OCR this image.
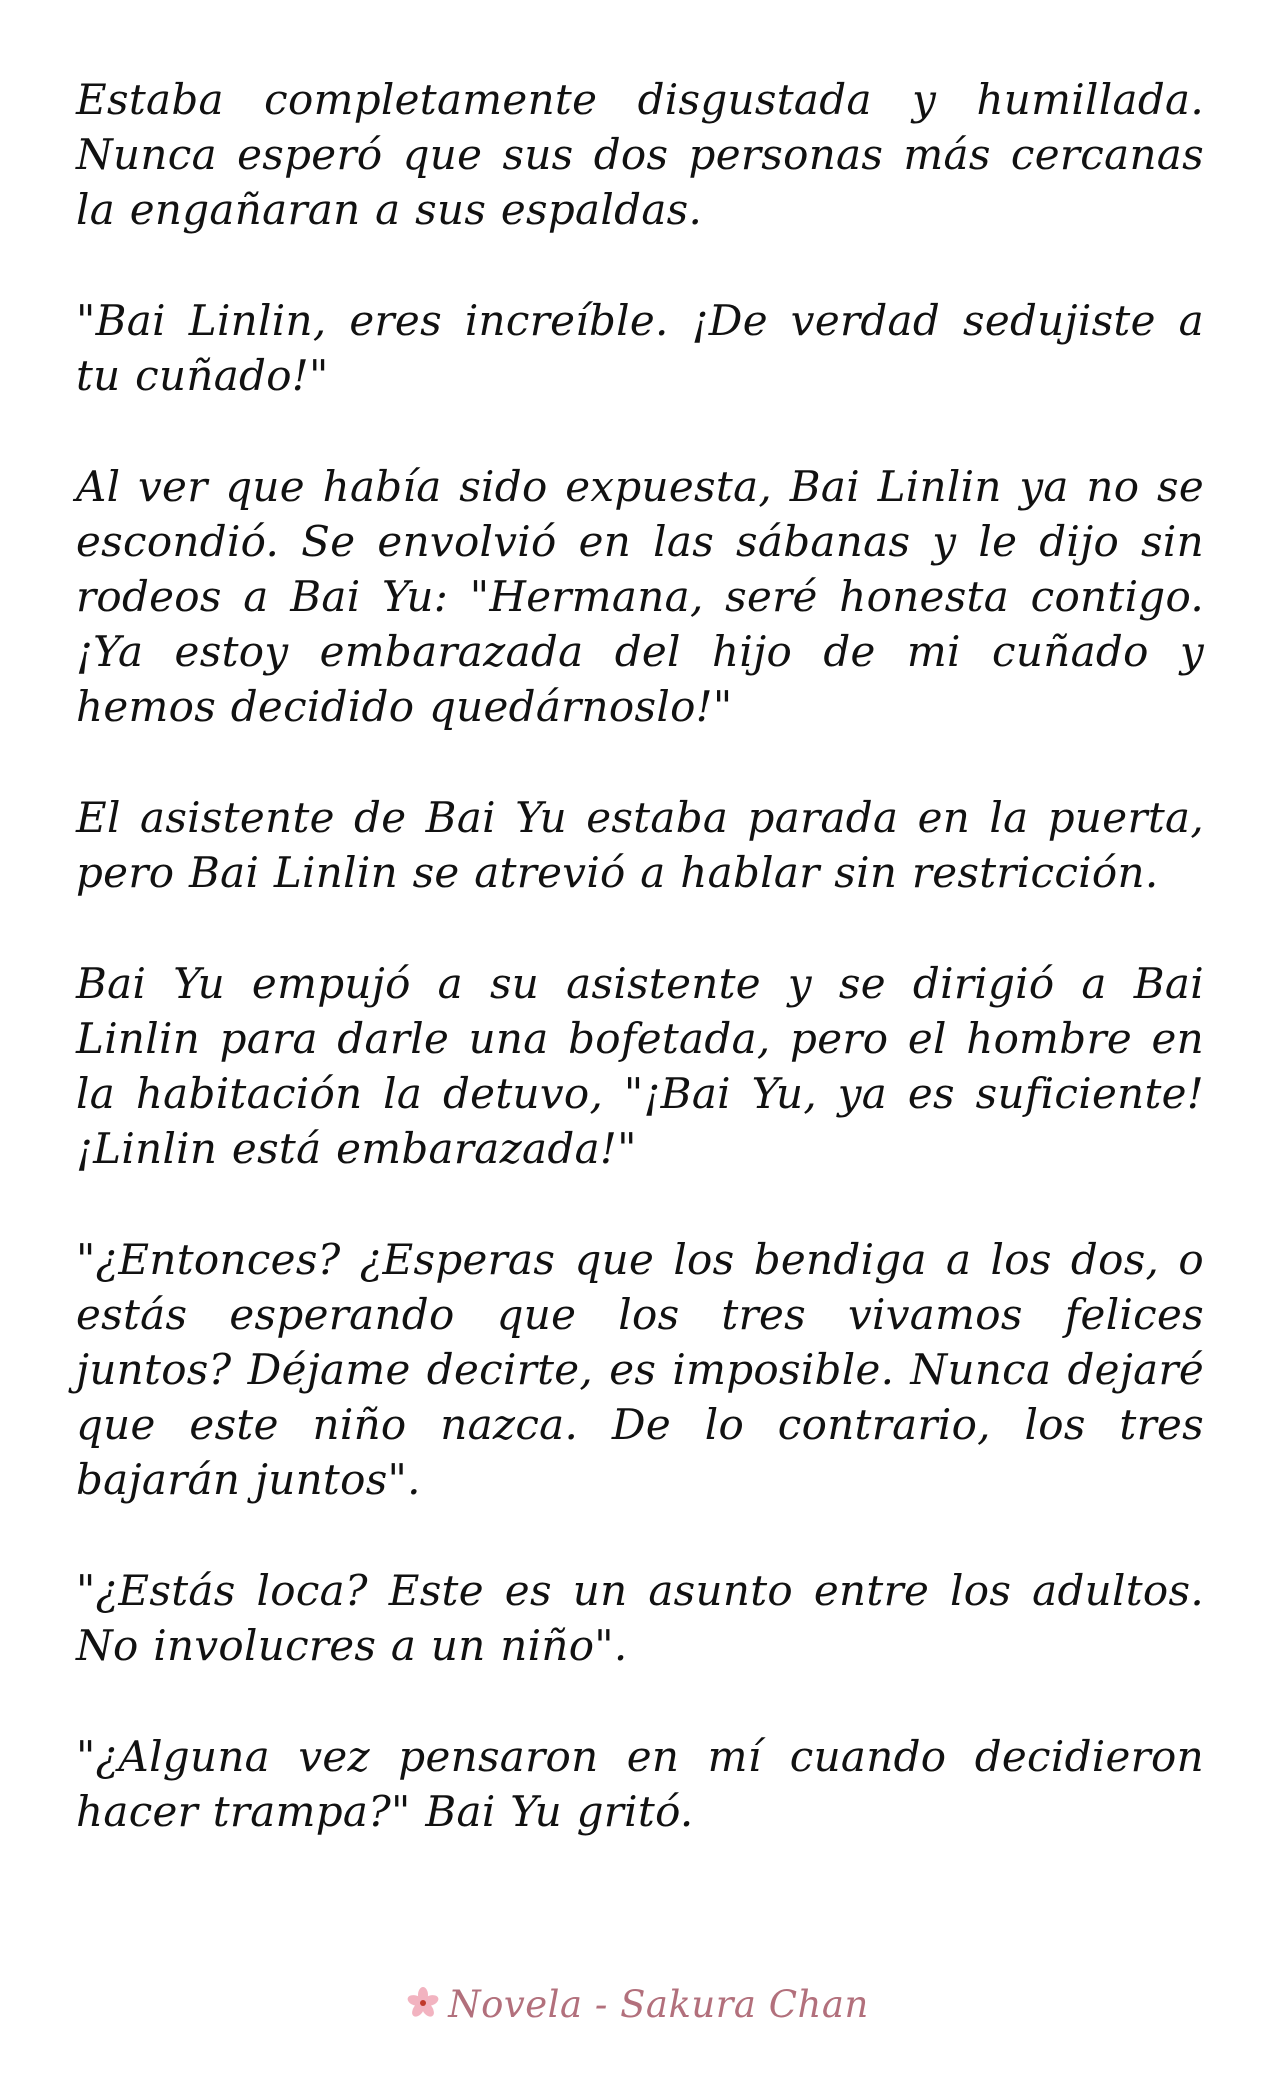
Estaba completamente disgustada y humillada. Nunca esperó que sus dos personas más cercanas la engañaran a sus espaldas.

"Bai Linlin, eres increíble. ¡De verdad sedujiste a tu cuñado!"

Al ver que había sido expuesta, Bai Linlin ya no se escondió. Se envolvió en las sábanas y le dijo sin rodeos a Bai Yu: "Hermana, seré honesta contigo. ¡Ya estoy embarazada del hijo de mi cuñado y hemos decidido quedárnoslo!"

El asistente de Bai Yu estaba parada en la puerta, pero Bai Linlin se atrevió a hablar sin restricción.

Bai Yu empujó a su asistente y se dirigió a Bai Linlin para darle una bofetada, pero el hombre en la habitación la detuvo, "¡Bai Yu, ya es suficiente! ¡Linlin está embarazada!"

"¿Entonces? ¿Esperas que los bendiga a los dos, o estás esperando que los tres vivamos felices juntos? Déjame decirte, es imposible. Nunca dejaré que este niño nazca. De lo contrario, los tres bajarán juntos".

"¿Estás loca? Este es un asunto entre los adultos. No involucres a un niño".

"¿Alguna vez pensaron en mí cuando decidieron hacer trampa?" Bai Yu gritó.

Novela - Sakura Chan
